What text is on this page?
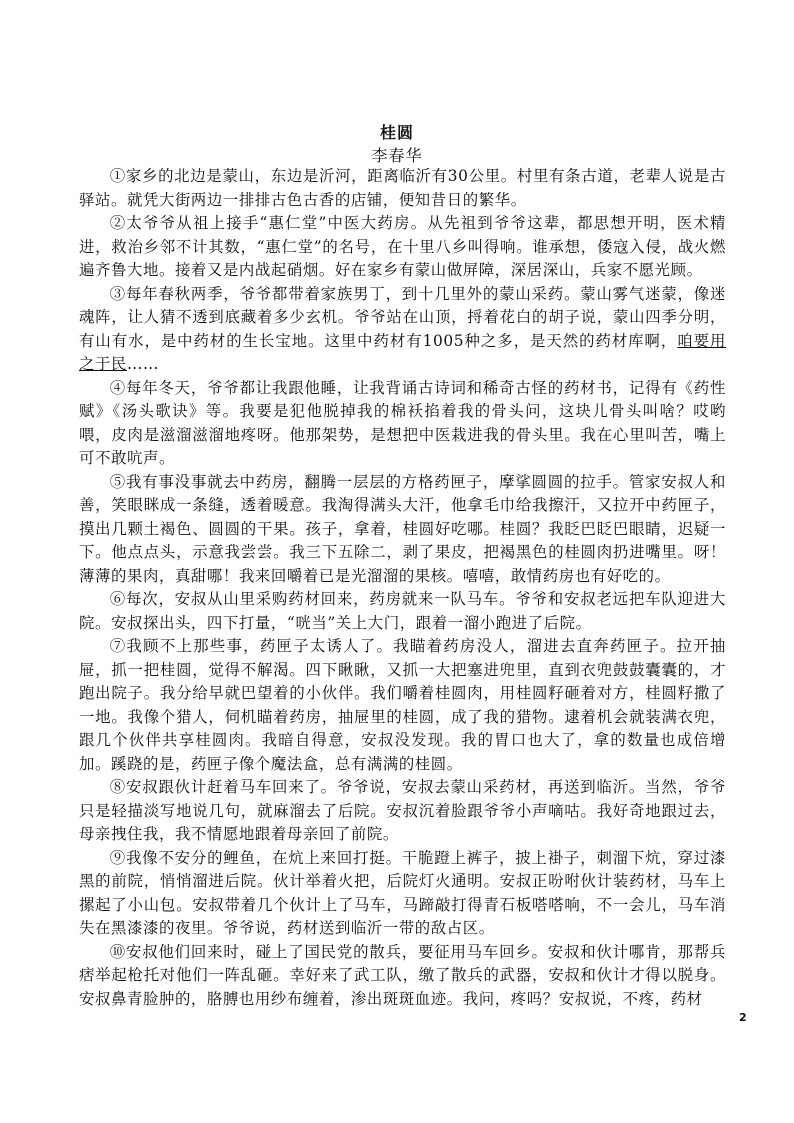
桂圆
李春华

①家乡的北边是蒙山，东边是沂河，距离临沂有30公里。村里有条古道，老辈人说是古驿站。就凭大街两边一排排古色古香的店铺，便知昔日的繁华。

②太爷爷从祖上接手“惠仁堂”中医大药房。从先祖到爷爷这辈，都思想开明，医术精进，救治乡邻不计其数，“惠仁堂”的名号，在十里八乡叫得响。谁承想，倭寇入侵，战火燃遍齐鲁大地。接着又是内战起硝烟。好在家乡有蒙山做屏障，深居深山，兵家不愿光顾。

③每年春秋两季，爷爷都带着家族男丁，到十几里外的蒙山采药。蒙山雾气迷蒙，像迷魂阵，让人猜不透到底藏着多少玄机。爷爷站在山顶，捋着花白的胡子说，蒙山四季分明，有山有水，是中药材的生长宝地。这里中药材有1005种之多，是天然的药材库啊，咱要用之于民……

④每年冬天，爷爷都让我跟他睡，让我背诵古诗词和稀奇古怪的药材书，记得有《药性赋》《汤头歌诀》等。我要是犯他脱掉我的棉袄掐着我的骨头问，这块儿骨头叫啥？哎哟喂，皮肉是滋溜滋溜地疼呀。他那架势，是想把中医栽进我的骨头里。我在心里叫苦，嘴上可不敢吭声。

⑤我有事没事就去中药房，翻腾一层层的方格药匣子，摩挲圆圆的拉手。管家安叔人和善，笑眼眯成一条缝，透着暖意。我淘得满头大汗，他拿毛巾给我擦汗，又拉开中药匣子，摸出几颗土褐色、圆圆的干果。孩子，拿着，桂圆好吃哪。桂圆？我眨巴眨巴眼睛，迟疑一下。他点点头，示意我尝尝。我三下五除二，剥了果皮，把褐黑色的桂圆肉扔进嘴里。呀！薄薄的果肉，真甜哪！我来回嚼着已是光溜溜的果核。嘻嘻，敢情药房也有好吃的。

⑥每次，安叔从山里采购药材回来，药房就来一队马车。爷爷和安叔老远把车队迎进大院。安叔探出头，四下打量，“咣当”关上大门，跟着一溜小跑进了后院。

⑦我顾不上那些事，药匣子太诱人了。我瞄着药房没人，溜进去直奔药匣子。拉开抽屉，抓一把桂圆，觉得不解渴。四下瞅瞅，又抓一大把塞进兜里，直到衣兜鼓鼓囊囊的，才跑出院子。我分给早就巴望着的小伙伴。我们嚼着桂圆肉，用桂圆籽砸着对方，桂圆籽撒了一地。我像个猎人，伺机瞄着药房，抽屉里的桂圆，成了我的猎物。逮着机会就装满衣兜，跟几个伙伴共享桂圆肉。我暗自得意，安叔没发现。我的胃口也大了，拿的数量也成倍增加。蹊跷的是，药匣子像个魔法盒，总有满满的桂圆。

⑧安叔跟伙计赶着马车回来了。爷爷说，安叔去蒙山采药材，再送到临沂。当然，爷爷只是轻描淡写地说几句，就麻溜去了后院。安叔沉着脸跟爷爷小声嘀咕。我好奇地跟过去，母亲拽住我，我不情愿地跟着母亲回了前院。

⑨我像不安分的鲤鱼，在炕上来回打挺。干脆蹬上裤子，披上褂子，刺溜下炕，穿过漆黑的前院，悄悄溜进后院。伙计举着火把，后院灯火通明。安叔正吩咐伙计装药材，马车上摞起了小山包。安叔带着几个伙计上了马车，马蹄敲打得青石板嗒嗒响，不一会儿，马车消失在黑漆漆的夜里。爷爷说，药材送到临沂一带的敌占区。

⑩安叔他们回来时，碰上了国民党的散兵，要征用马车回乡。安叔和伙计哪肯，那帮兵痞举起枪托对他们一阵乱砸。幸好来了武工队，缴了散兵的武器，安叔和伙计才得以脱身。安叔鼻青脸肿的，胳膊也用纱布缠着，渗出斑斑血迹。我问，疼吗？安叔说，不疼，药材

2
